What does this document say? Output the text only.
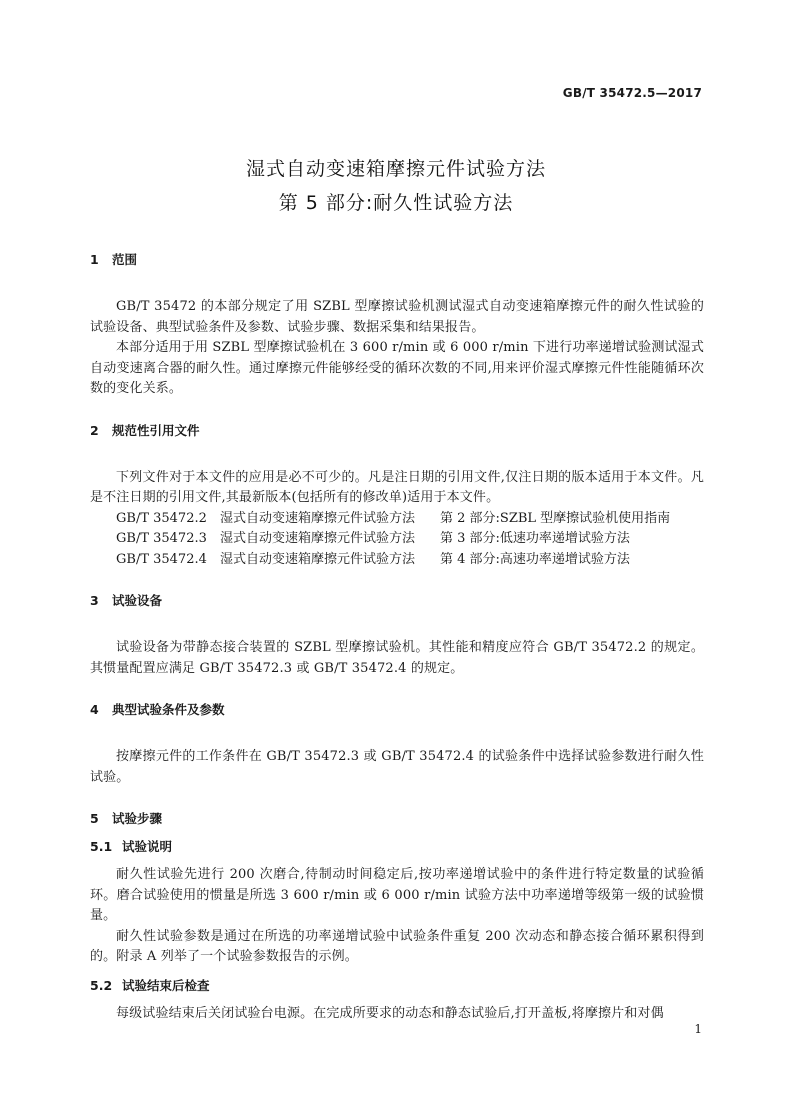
GB/T 35472.5—2017
湿式自动变速箱摩擦元件试验方法
第 5 部分:耐久性试验方法
1 范围

GB/T 35472 的本部分规定了用 SZBL 型摩擦试验机测试湿式自动变速箱摩擦元件的耐久性试验的试验设备、典型试验条件及参数、试验步骤、数据采集和结果报告。

本部分适用于用 SZBL 型摩擦试验机在 3 600 r/min 或 6 000 r/min 下进行功率递增试验测试湿式自动变速离合器的耐久性。通过摩擦元件能够经受的循环次数的不同,用来评价湿式摩擦元件性能随循环次数的变化关系。

2 规范性引用文件

下列文件对于本文件的应用是必不可少的。凡是注日期的引用文件,仅注日期的版本适用于本文件。凡是不注日期的引用文件,其最新版本(包括所有的修改单)适用于本文件。

GB/T 35472.2 湿式自动变速箱摩擦元件试验方法 第 2 部分:SZBL 型摩擦试验机使用指南

GB/T 35472.3 湿式自动变速箱摩擦元件试验方法 第 3 部分:低速功率递增试验方法

GB/T 35472.4 湿式自动变速箱摩擦元件试验方法 第 4 部分:高速功率递增试验方法

3 试验设备

试验设备为带静态接合装置的 SZBL 型摩擦试验机。其性能和精度应符合 GB/T 35472.2 的规定。其惯量配置应满足 GB/T 35472.3 或 GB/T 35472.4 的规定。

4 典型试验条件及参数

按摩擦元件的工作条件在 GB/T 35472.3 或 GB/T 35472.4 的试验条件中选择试验参数进行耐久性试验。

5 试验步骤
5.1 试验说明

耐久性试验先进行 200 次磨合,待制动时间稳定后,按功率递增试验中的条件进行特定数量的试验循环。磨合试验使用的惯量是所选 3 600 r/min 或 6 000 r/min 试验方法中功率递增等级第一级的试验惯量。

耐久性试验参数是通过在所选的功率递增试验中试验条件重复 200 次动态和静态接合循环累积得到的。附录 A 列举了一个试验参数报告的示例。

5.2 试验结束后检查

每级试验结束后关闭试验台电源。在完成所要求的动态和静态试验后,打开盖板,将摩擦片和对偶

1
